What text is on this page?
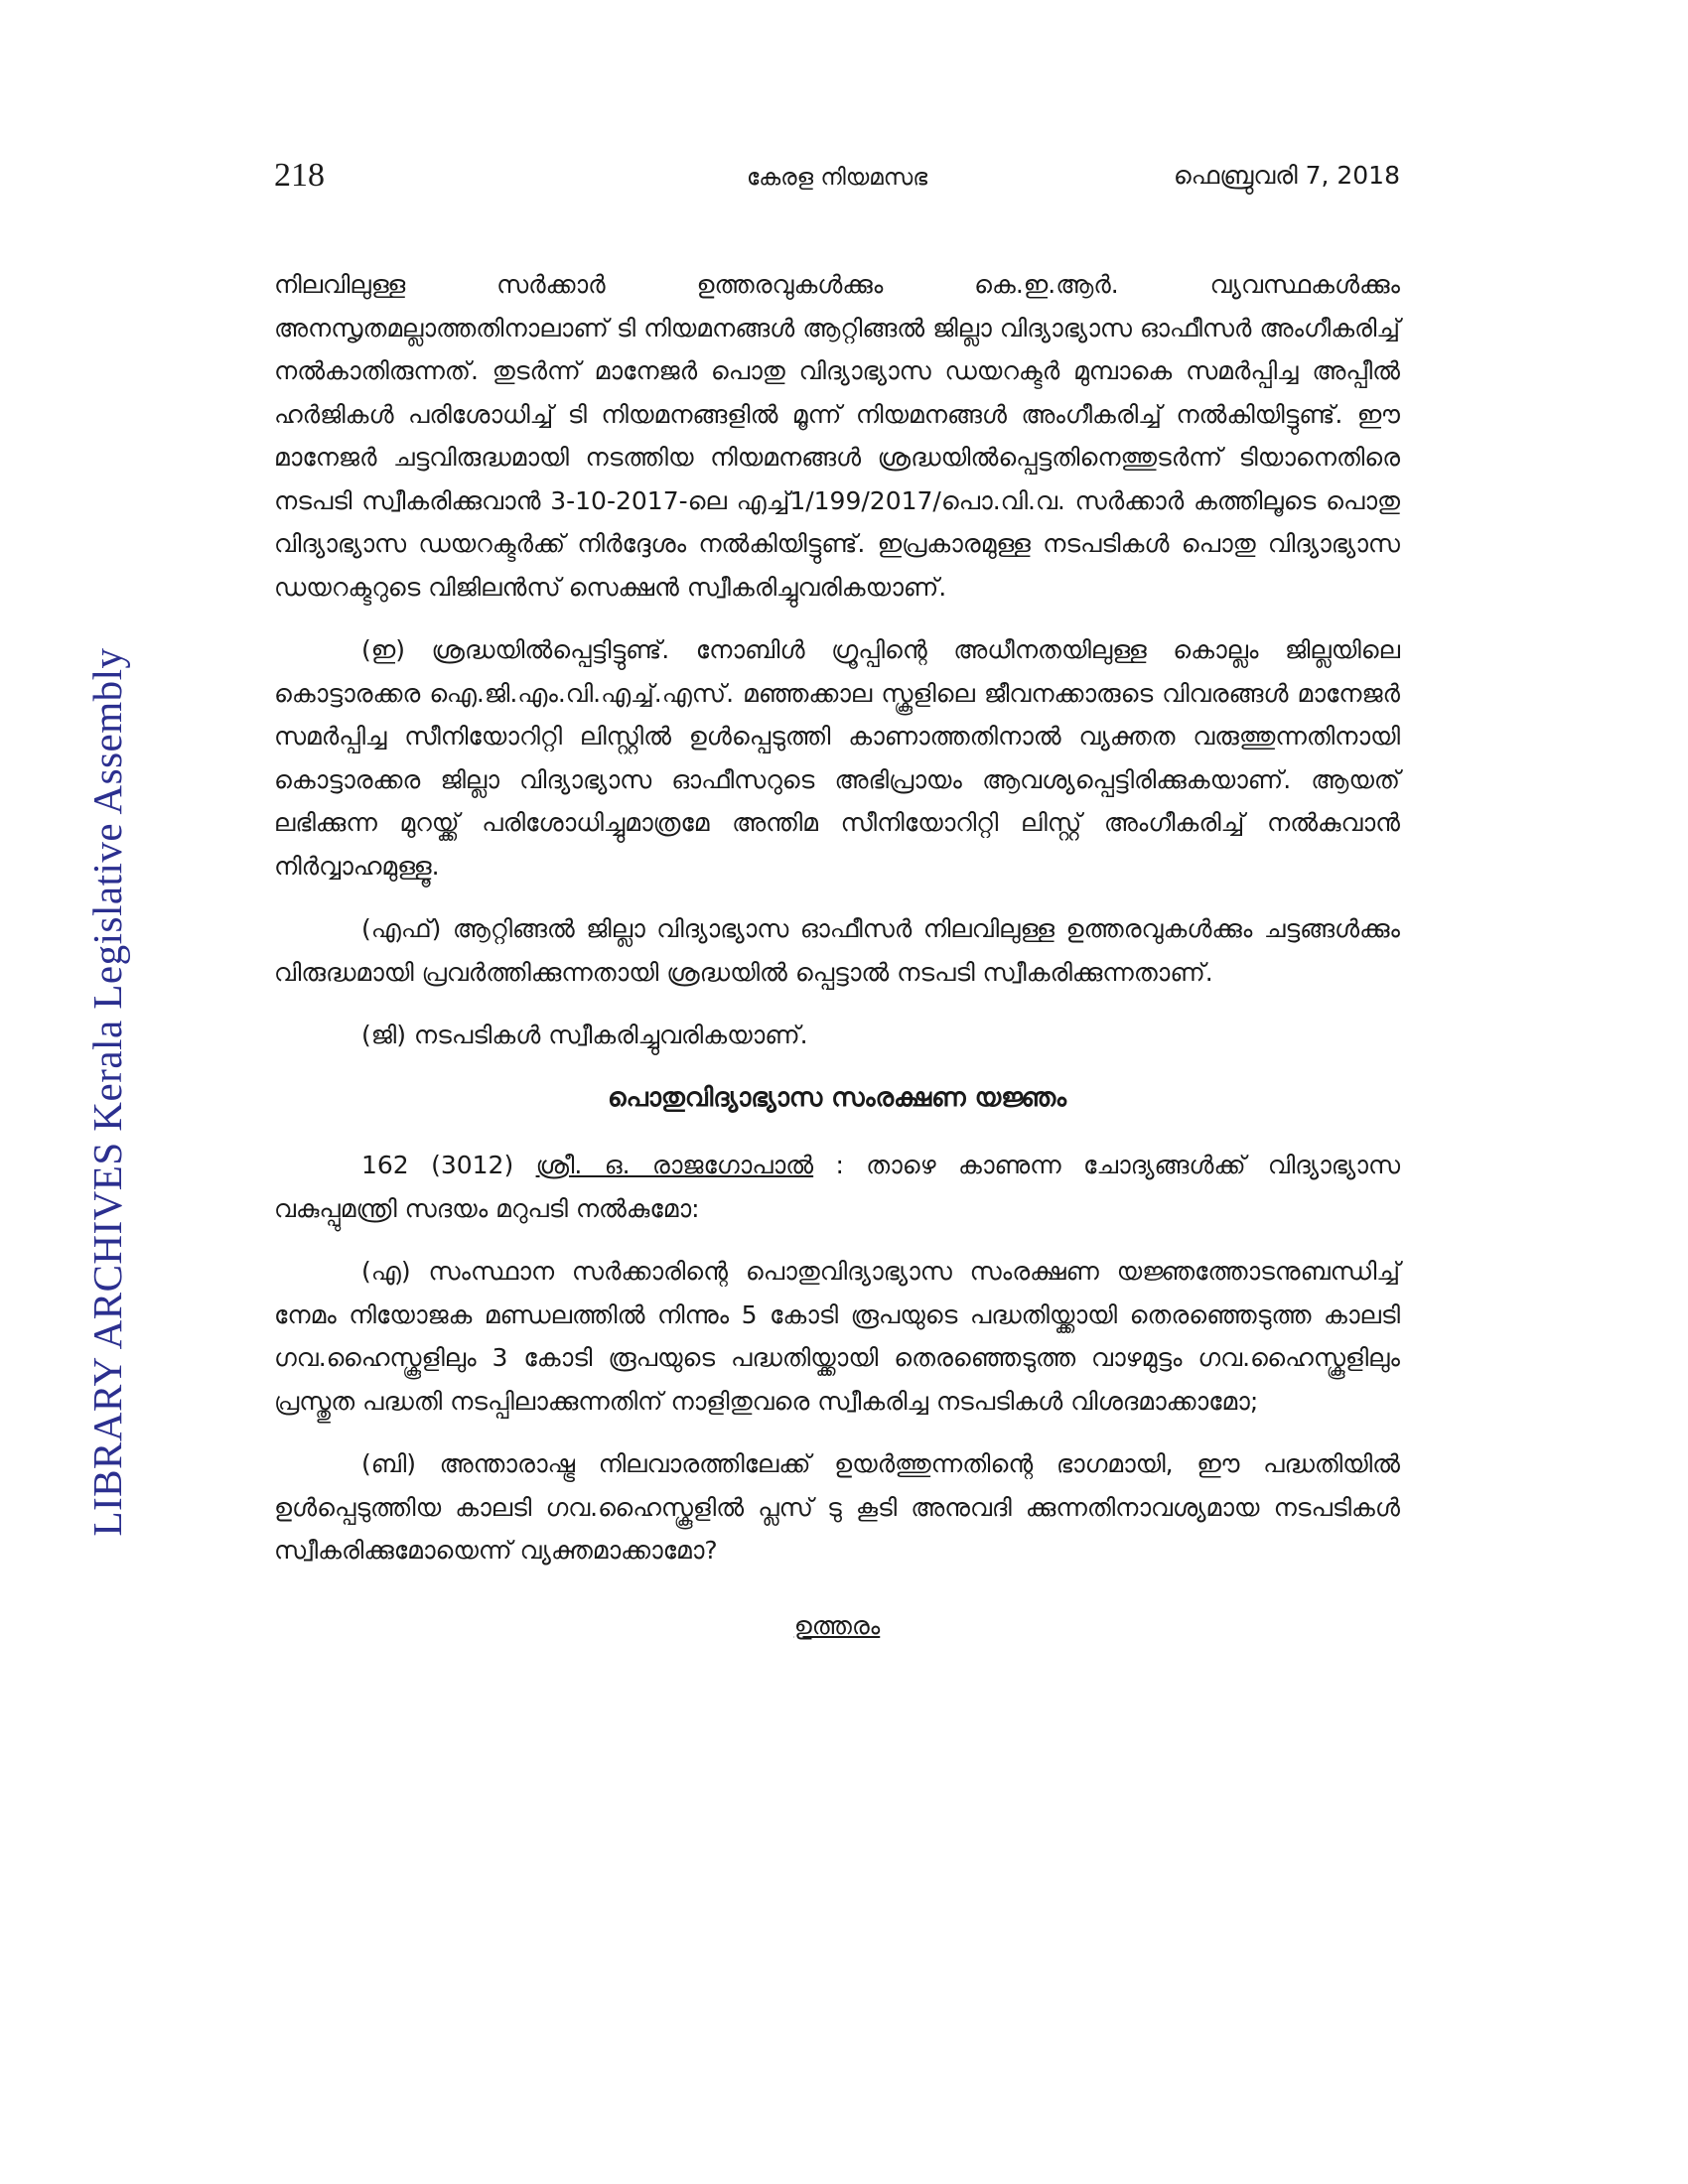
LIBRARY ARCHIVES Kerala Legislative Assembly
218	കേരള നിയമസഭ	ഫെബ്രുവരി 7, 2018

നിലവിലുള്ള സർക്കാർ ഉത്തരവുകൾക്കും കെ.ഇ.ആർ. വ്യവസ്ഥകൾക്കും അനസൃതമല്ലാത്തതിനാലാണ് ടി നിയമനങ്ങൾ ആറ്റിങ്ങൽ ജില്ലാ വിദ്യാഭ്യാസ ഓഫീസർ അംഗീകരിച്ച് നൽകാതിരുന്നത്. തുടർന്ന് മാനേജർ പൊതു വിദ്യാഭ്യാസ ഡയറക്ടർ മുമ്പാകെ സമർപ്പിച്ച അപ്പീൽ ഹർജികൾ പരിശോധിച്ച് ടി നിയമനങ്ങളിൽ മൂന്ന് നിയമനങ്ങൾ അംഗീകരിച്ച് നൽകിയിട്ടുണ്ട്. ഈ മാനേജർ ചട്ടവിരുദ്ധമായി നടത്തിയ നിയമനങ്ങൾ ശ്രദ്ധയിൽപ്പെട്ടതിനെത്തുടർന്ന് ടിയാനെതിരെ നടപടി സ്വീകരിക്കുവാൻ 3-10-2017-ലെ എച്ച്1/199/2017/പൊ.വി.വ. സർക്കാർ കത്തിലൂടെ പൊതു വിദ്യാഭ്യാസ ഡയറക്ടർക്ക് നിർദ്ദേശം നൽകിയിട്ടുണ്ട്. ഇപ്രകാരമുള്ള നടപടികൾ പൊതു വിദ്യാഭ്യാസ ഡയറക്ടറുടെ വിജിലൻസ് സെക്ഷൻ സ്വീകരിച്ചുവരികയാണ്.

(ഇ) ശ്രദ്ധയിൽപ്പെട്ടിട്ടുണ്ട്. നോബിൾ ഗ്രൂപ്പിന്റെ അധീനതയിലുള്ള കൊല്ലം ജില്ലയിലെ കൊട്ടാരക്കര ഐ.ജി.എം.വി.എച്ച്.എസ്. മഞ്ഞക്കാല സ്കൂളിലെ ജീവനക്കാരുടെ വിവരങ്ങൾ മാനേജർ സമർപ്പിച്ച സീനിയോറിറ്റി ലിസ്റ്റിൽ ഉൾപ്പെടുത്തി കാണാത്തതിനാൽ വ്യക്തത വരുത്തുന്നതിനായി കൊട്ടാരക്കര ജില്ലാ വിദ്യാഭ്യാസ ഓഫീസറുടെ അഭിപ്രായം ആവശ്യപ്പെട്ടിരിക്കുകയാണ്. ആയത് ലഭിക്കുന്ന മുറയ്ക്ക് പരിശോധിച്ചുമാത്രമേ അന്തിമ സീനിയോറിറ്റി ലിസ്റ്റ് അംഗീകരിച്ച് നൽകുവാൻ നിർവ്വാഹമുള്ളൂ.

(എഫ്) ആറ്റിങ്ങൽ ജില്ലാ വിദ്യാഭ്യാസ ഓഫീസർ നിലവിലുള്ള ഉത്തരവുകൾക്കും ചട്ടങ്ങൾക്കും വിരുദ്ധമായി പ്രവർത്തിക്കുന്നതായി ശ്രദ്ധയിൽ പ്പെട്ടാൽ നടപടി സ്വീകരിക്കുന്നതാണ്.

(ജി) നടപടികൾ സ്വീകരിച്ചുവരികയാണ്.

പൊതുവിദ്യാഭ്യാസ സംരക്ഷണ യജ്ഞം

162 (3012) ശ്രീ. ഒ. രാജഗോപാൽ : താഴെ കാണുന്ന ചോദ്യങ്ങൾക്ക് വിദ്യാഭ്യാസ വകുപ്പുമന്ത്രി സദയം മറുപടി നൽകുമോ:

(എ) സംസ്ഥാന സർക്കാരിന്റെ പൊതുവിദ്യാഭ്യാസ സംരക്ഷണ യജ്ഞത്തോടനുബന്ധിച്ച് നേമം നിയോജക മണ്ഡലത്തിൽ നിന്നും 5 കോടി രൂപയുടെ പദ്ധതിയ്ക്കായി തെരഞ്ഞെടുത്ത കാലടി ഗവ.ഹൈസ്കൂളിലും 3 കോടി രൂപയുടെ പദ്ധതിയ്ക്കായി തെരഞ്ഞെടുത്ത വാഴമുട്ടം ഗവ.ഹൈസ്കൂളിലും പ്രസ്തുത പദ്ധതി നടപ്പിലാക്കുന്നതിന് നാളിതുവരെ സ്വീകരിച്ച നടപടികൾ വിശദമാക്കാമോ;

(ബി) അന്താരാഷ്ട്ര നിലവാരത്തിലേക്ക് ഉയർത്തുന്നതിന്റെ ഭാഗമായി, ഈ പദ്ധതിയിൽ ഉൾപ്പെടുത്തിയ കാലടി ഗവ.ഹൈസ്കൂളിൽ പ്ലസ് ടു കൂടി അനുവദി ക്കുന്നതിനാവശ്യമായ നടപടികൾ സ്വീകരിക്കുമോയെന്ന് വ്യക്തമാക്കാമോ?

ഉത്തരം
